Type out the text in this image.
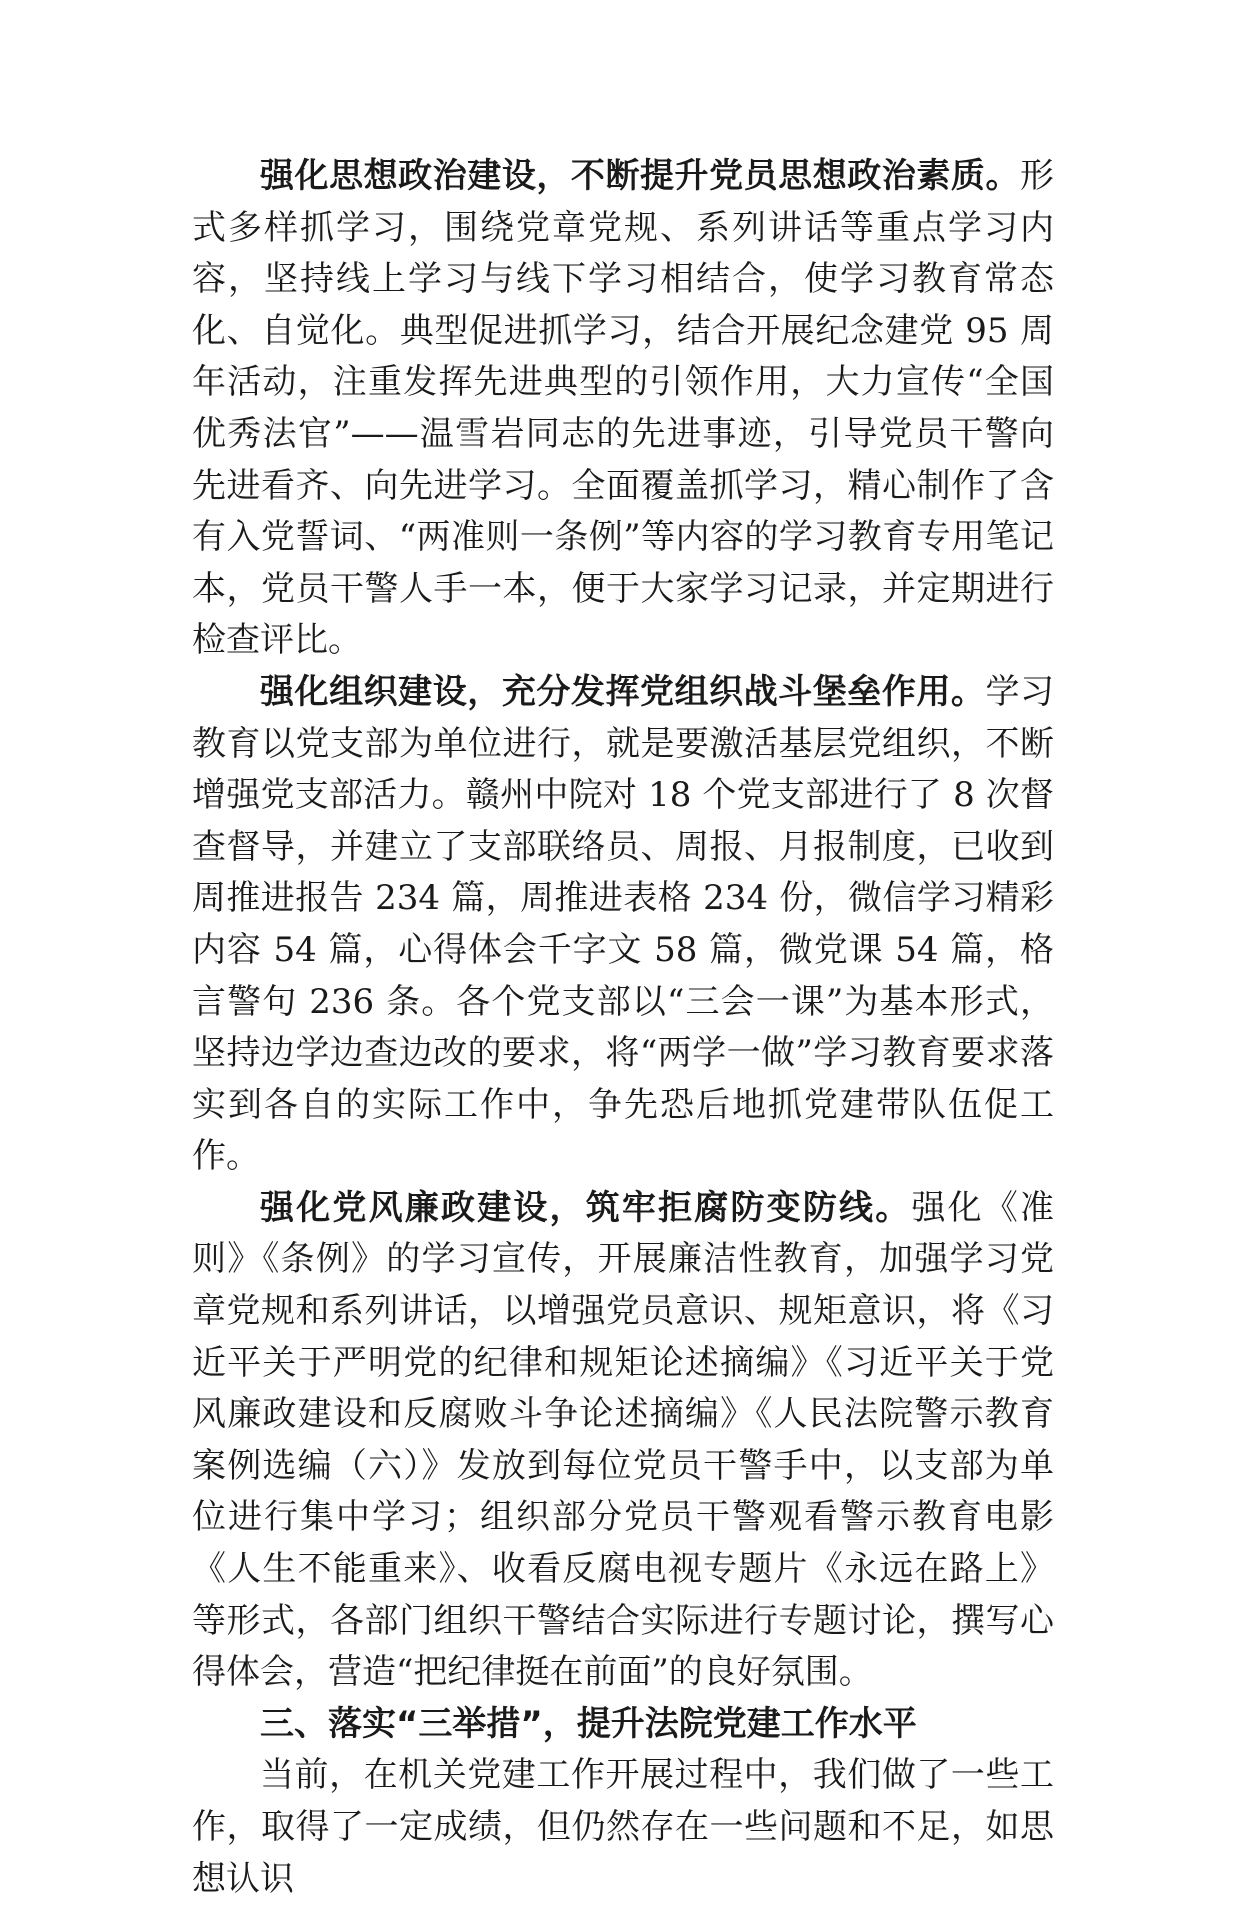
强化思想政治建设，不断提升党员思想政治素质。形式多样抓学习，围绕党章党规、系列讲话等重点学习内容，坚持线上学习与线下学习相结合，使学习教育常态化、自觉化。典型促进抓学习，结合开展纪念建党 95 周年活动，注重发挥先进典型的引领作用，大力宣传“全国优秀法官”——温雪岩同志的先进事迹，引导党员干警向先进看齐、向先进学习。全面覆盖抓学习，精心制作了含有入党誓词、“两准则一条例”等内容的学习教育专用笔记本，党员干警人手一本，便于大家学习记录，并定期进行检查评比。

强化组织建设，充分发挥党组织战斗堡垒作用。学习教育以党支部为单位进行，就是要激活基层党组织，不断增强党支部活力。赣州中院对 18 个党支部进行了 8 次督查督导，并建立了支部联络员、周报、月报制度，已收到周推进报告 234 篇，周推进表格 234 份，微信学习精彩内容 54 篇，心得体会千字文 58 篇，微党课 54 篇，格言警句 236 条。各个党支部以“三会一课”为基本形式，坚持边学边查边改的要求，将“两学一做”学习教育要求落实到各自的实际工作中，争先恐后地抓党建带队伍促工作。

强化党风廉政建设，筑牢拒腐防变防线。强化《准则》《条例》的学习宣传，开展廉洁性教育，加强学习党章党规和系列讲话，以增强党员意识、规矩意识，将《习近平关于严明党的纪律和规矩论述摘编》《习近平关于党风廉政建设和反腐败斗争论述摘编》《人民法院警示教育案例选编（六）》发放到每位党员干警手中，以支部为单位进行集中学习；组织部分党员干警观看警示教育电影《人生不能重来》、收看反腐电视专题片《永远在路上》等形式，各部门组织干警结合实际进行专题讨论，撰写心得体会，营造“把纪律挺在前面”的良好氛围。

三、落实“三举措”，提升法院党建工作水平

当前，在机关党建工作开展过程中，我们做了一些工作，取得了一定成绩，但仍然存在一些问题和不足，如思想认识
